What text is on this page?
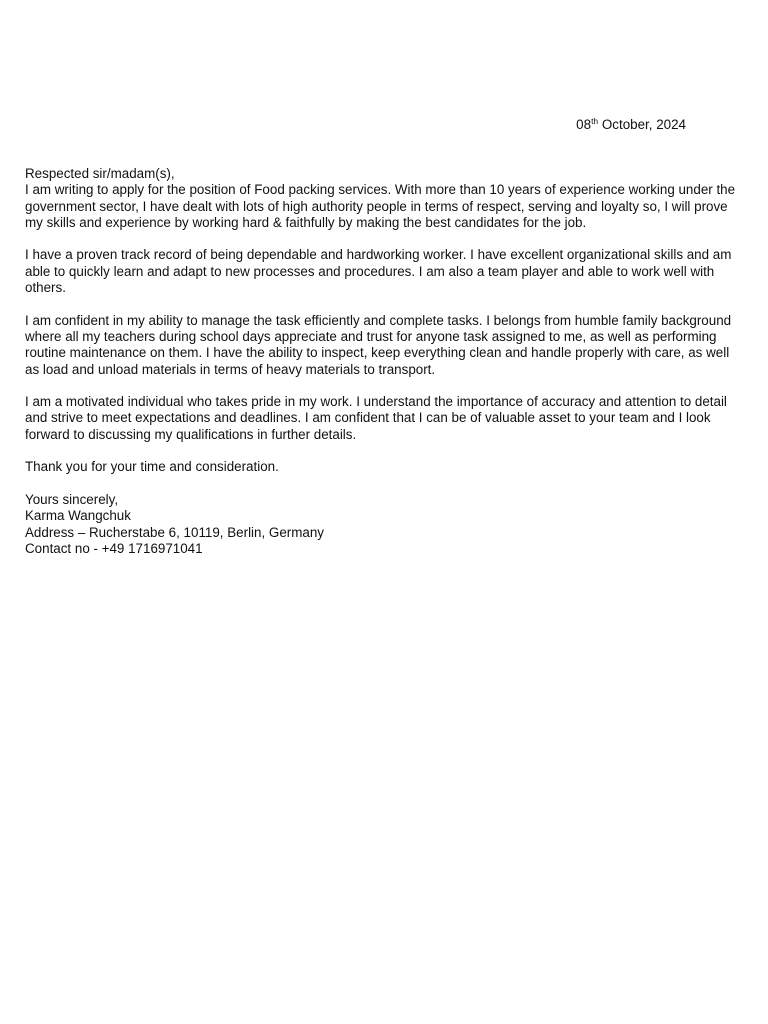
08th October, 2024

Respected sir/madam(s),

I am writing to apply for the position of Food packing services. With more than 10 years of experience working under the government sector, I have dealt with lots of high authority people in terms of respect, serving and loyalty so, I will prove my skills and experience by working hard & faithfully by making the best candidates for the job.

I have a proven track record of being dependable and hardworking worker. I have excellent organizational skills and am able to quickly learn and adapt to new processes and procedures. I am also a team player and able to work well with others.

I am confident in my ability to manage the task efficiently and complete tasks. I belongs from humble family background where all my teachers during school days appreciate and trust for anyone task assigned to me, as well as performing routine maintenance on them. I have the ability to inspect, keep everything clean and handle properly with care, as well as load and unload materials in terms of heavy materials to transport.

I am a motivated individual who takes pride in my work. I understand the importance of accuracy and attention to detail and strive to meet expectations and deadlines. I am confident that I can be of valuable asset to your team and I look forward to discussing my qualifications in further details.

Thank you for your time and consideration.

Yours sincerely,

Karma Wangchuk

Address – Rucherstabe 6, 10119, Berlin, Germany

Contact no - +49 1716971041
